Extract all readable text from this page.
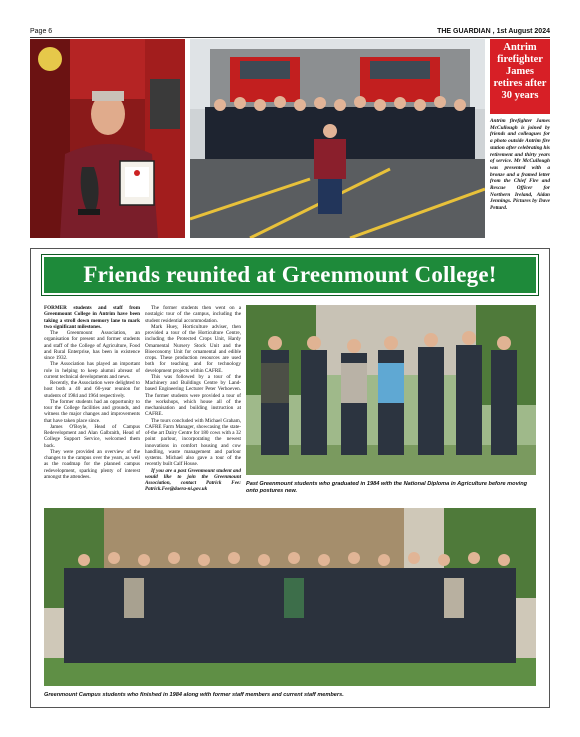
Page 6	THE GUARDIAN , 1st August 2024
Antrim
firefighter
James
retires after
30 years
Antrim firefighter James McCullough is joined by friends and colleagues for a photo outside Antrim fire station after celebrating his retirement and thirty years of service. Mr McCullough was presented with a bronze and a framed letter from the Chief Fire and Rescue Officer for Northern Ireland, Aidan Jennings. Pictures by Dave Pettard.
Friends reunited at Greenmount College!

FORMER students and staff from Greenmount College in Antrim have been taking a stroll down memory lane to mark two significant milestones.

The Greenmount Association, an organisation for present and former students and staff of the College of Agriculture, Food and Rural Enterprise, has been in existence since 1932.

The Association has played an important role in helping to keep alumni abreast of current technical developments and news.

Recently, the Association were delighted to host both a 40 and 60-year reunion for students of 1984 and 1964 respectively.

The former students had an opportunity to tour the College facilities and grounds, and witness the major changes and improvements that have taken place since.

James O'Boyle, Head of Campus Redevelopment and Alan Galbraith, Head of College Support Service, welcomed them back.

They were provided an overview of the changes to the campus over the years, as well as the roadmap for the planned campus redevelopment, sparking plenty of interest amongst the attendees.

The former students then went on a nostalgic tour of the campus, including the student residential accommodation.

Mark Huey, Horticulture adviser, then provided a tour of the Horticulture Centre, including the Protected Crops Unit, Hardy Ornamental Nursery Stock Unit and the Bioeconomy Unit for ornamental and edible crops. These production resources are used both for teaching and for technology development projects within CAFRE.

This was followed by a tour of the Machinery and Buildings Centre by Land-based Engineering Lecturer Peter Verhoeven. The former students were provided a tour of the workshops, which house all of the mechanisation and building instruction at CAFRE.

The tours concluded with Michael Graham, CAFRE Farm Manager, showcasing the state-of-the art Dairy Centre for 180 cows with a 32 point parlour, incorporating the newest innovations in comfort housing and cow handling, waste management and parlour systems. Michael also gave a tour of the recently built Calf House.

If you are a past Greenmount student and would like to join the Greenmount Association, contact Patrick Fee: Patrick.Fee@daera-ni.gov.uk

Past Greenmount students who graduated in 1984 with the National Diploma in Agriculture before moving onto postures new.
Greenmount Campus students who finished in 1984 along with former staff members and current staff members.
